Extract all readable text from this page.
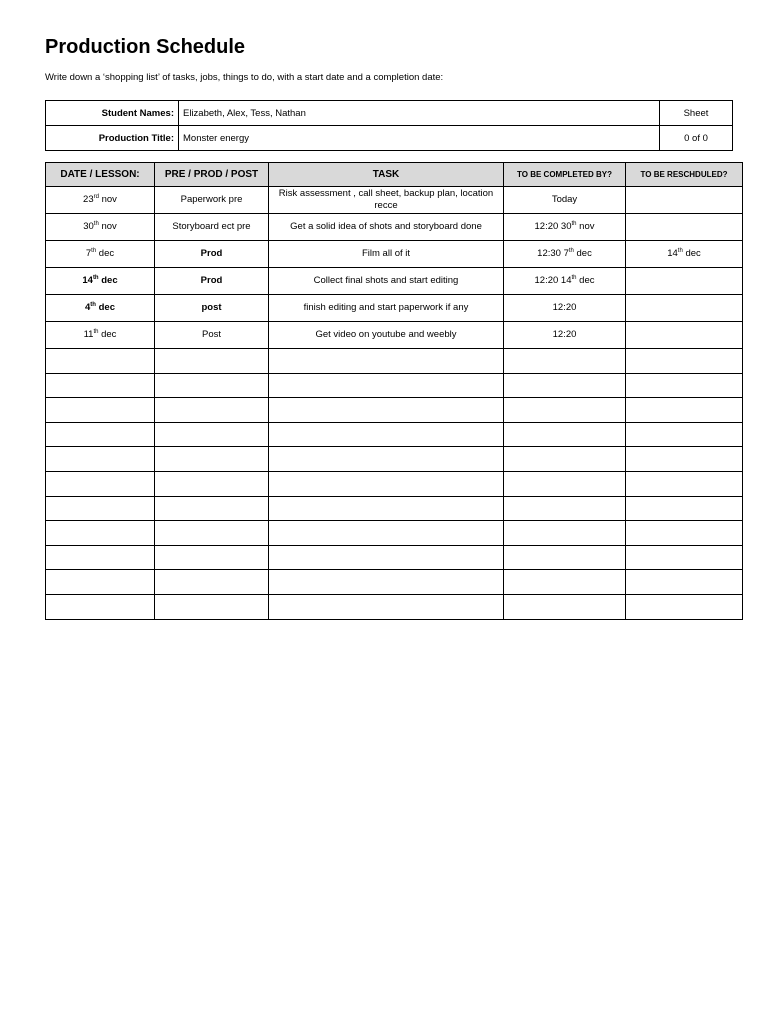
Production Schedule
Write down a ‘shopping list’ of tasks, jobs, things to do, with a start date and a completion date:
Student Names:	Elizabeth, Alex, Tess, Nathan	Sheet
Production Title:	Monster energy	0 of 0
DATE / LESSON:	PRE / PROD / POST	TASK	TO BE COMPLETED BY?	TO BE RESCHDULED?
23rd nov	Paperwork pre	Risk assessment , call sheet, backup plan, location recce	Today	
30th nov	Storyboard ect pre	Get a solid idea of shots and storyboard done	12:20 30th nov	
7th dec	Prod	Film all of it	12:30 7th dec	14th dec
14th dec	Prod	Collect final shots and start editing	12:20 14th dec	
4th dec	post	finish editing and start paperwork if any	12:20	
11th dec	Post	Get video on youtube and weebly	12:20	
